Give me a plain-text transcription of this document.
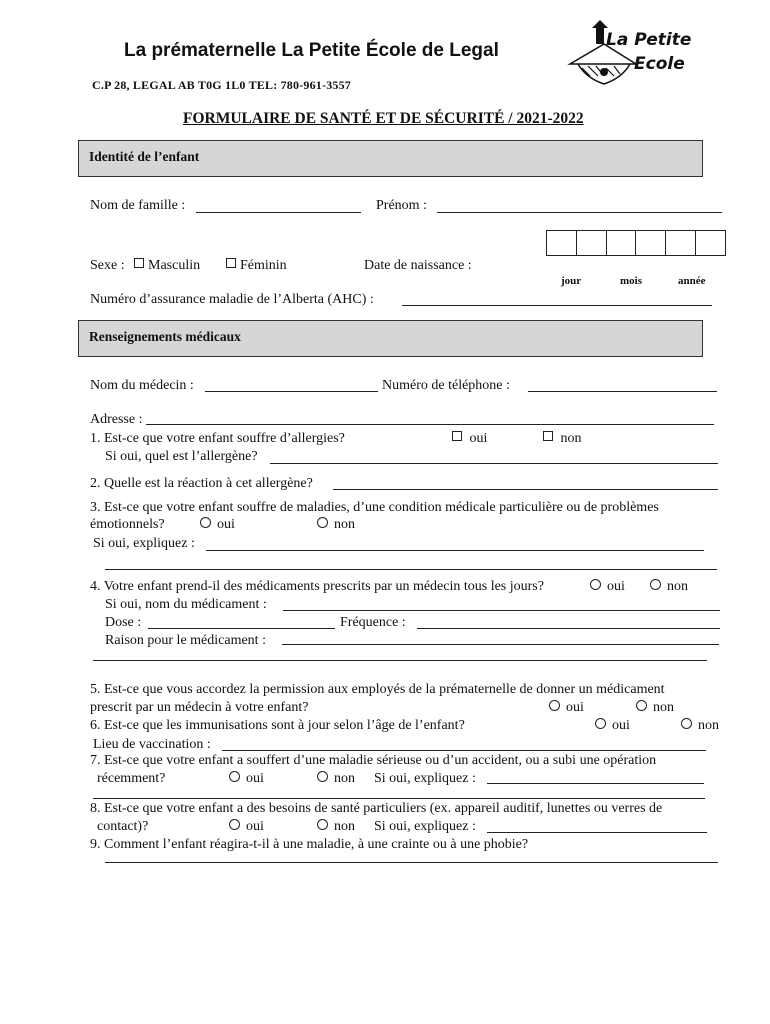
La prématernelle La Petite École de Legal
C.P 28, LEGAL AB T0G 1L0 TEL: 780-961-3557
La Petite
Ecole
FORMULAIRE DE SANTÉ ET DE SÉCURITÉ / 2021-2022
Identité de l’enfant
Nom de famille :	Prénom :
Sexe :	Masculin	Féminin	Date de naissance :
jour	mois	année
Numéro d’assurance maladie de l’Alberta (AHC) :
Renseignements médicaux
Nom du médecin :	Numéro de téléphone :
Adresse :
1. Est-ce que votre enfant souffre d’allergies?	oui	non
Si oui, quel est l’allergène?
2. Quelle est la réaction à cet allergène?
3. Est-ce que votre enfant souffre de maladies, d’une condition médicale particulière ou de problèmes
émotionnels?	oui	non
Si oui, expliquez :
4. Votre enfant prend-il des médicaments prescrits par un médecin tous les jours?	oui	non
Si oui, nom du médicament :
Dose :	Fréquence :
Raison pour le médicament :
5. Est-ce que vous accordez la permission aux employés de la prématernelle de donner un médicament
prescrit par un médecin à votre enfant?	oui	non
6. Est-ce que les immunisations sont à jour selon l’âge de l’enfant?	oui	non
Lieu de vaccination :
7. Est-ce que votre enfant a souffert d’une maladie sérieuse ou d’un accident, ou a subi une opération
récemment?	oui	non Si oui, expliquez :
8. Est-ce que votre enfant a des besoins de santé particuliers (ex. appareil auditif, lunettes ou verres de
contact)?	oui	non Si oui, expliquez :
9. Comment l’enfant réagira-t-il à une maladie, à une crainte ou à une phobie?
